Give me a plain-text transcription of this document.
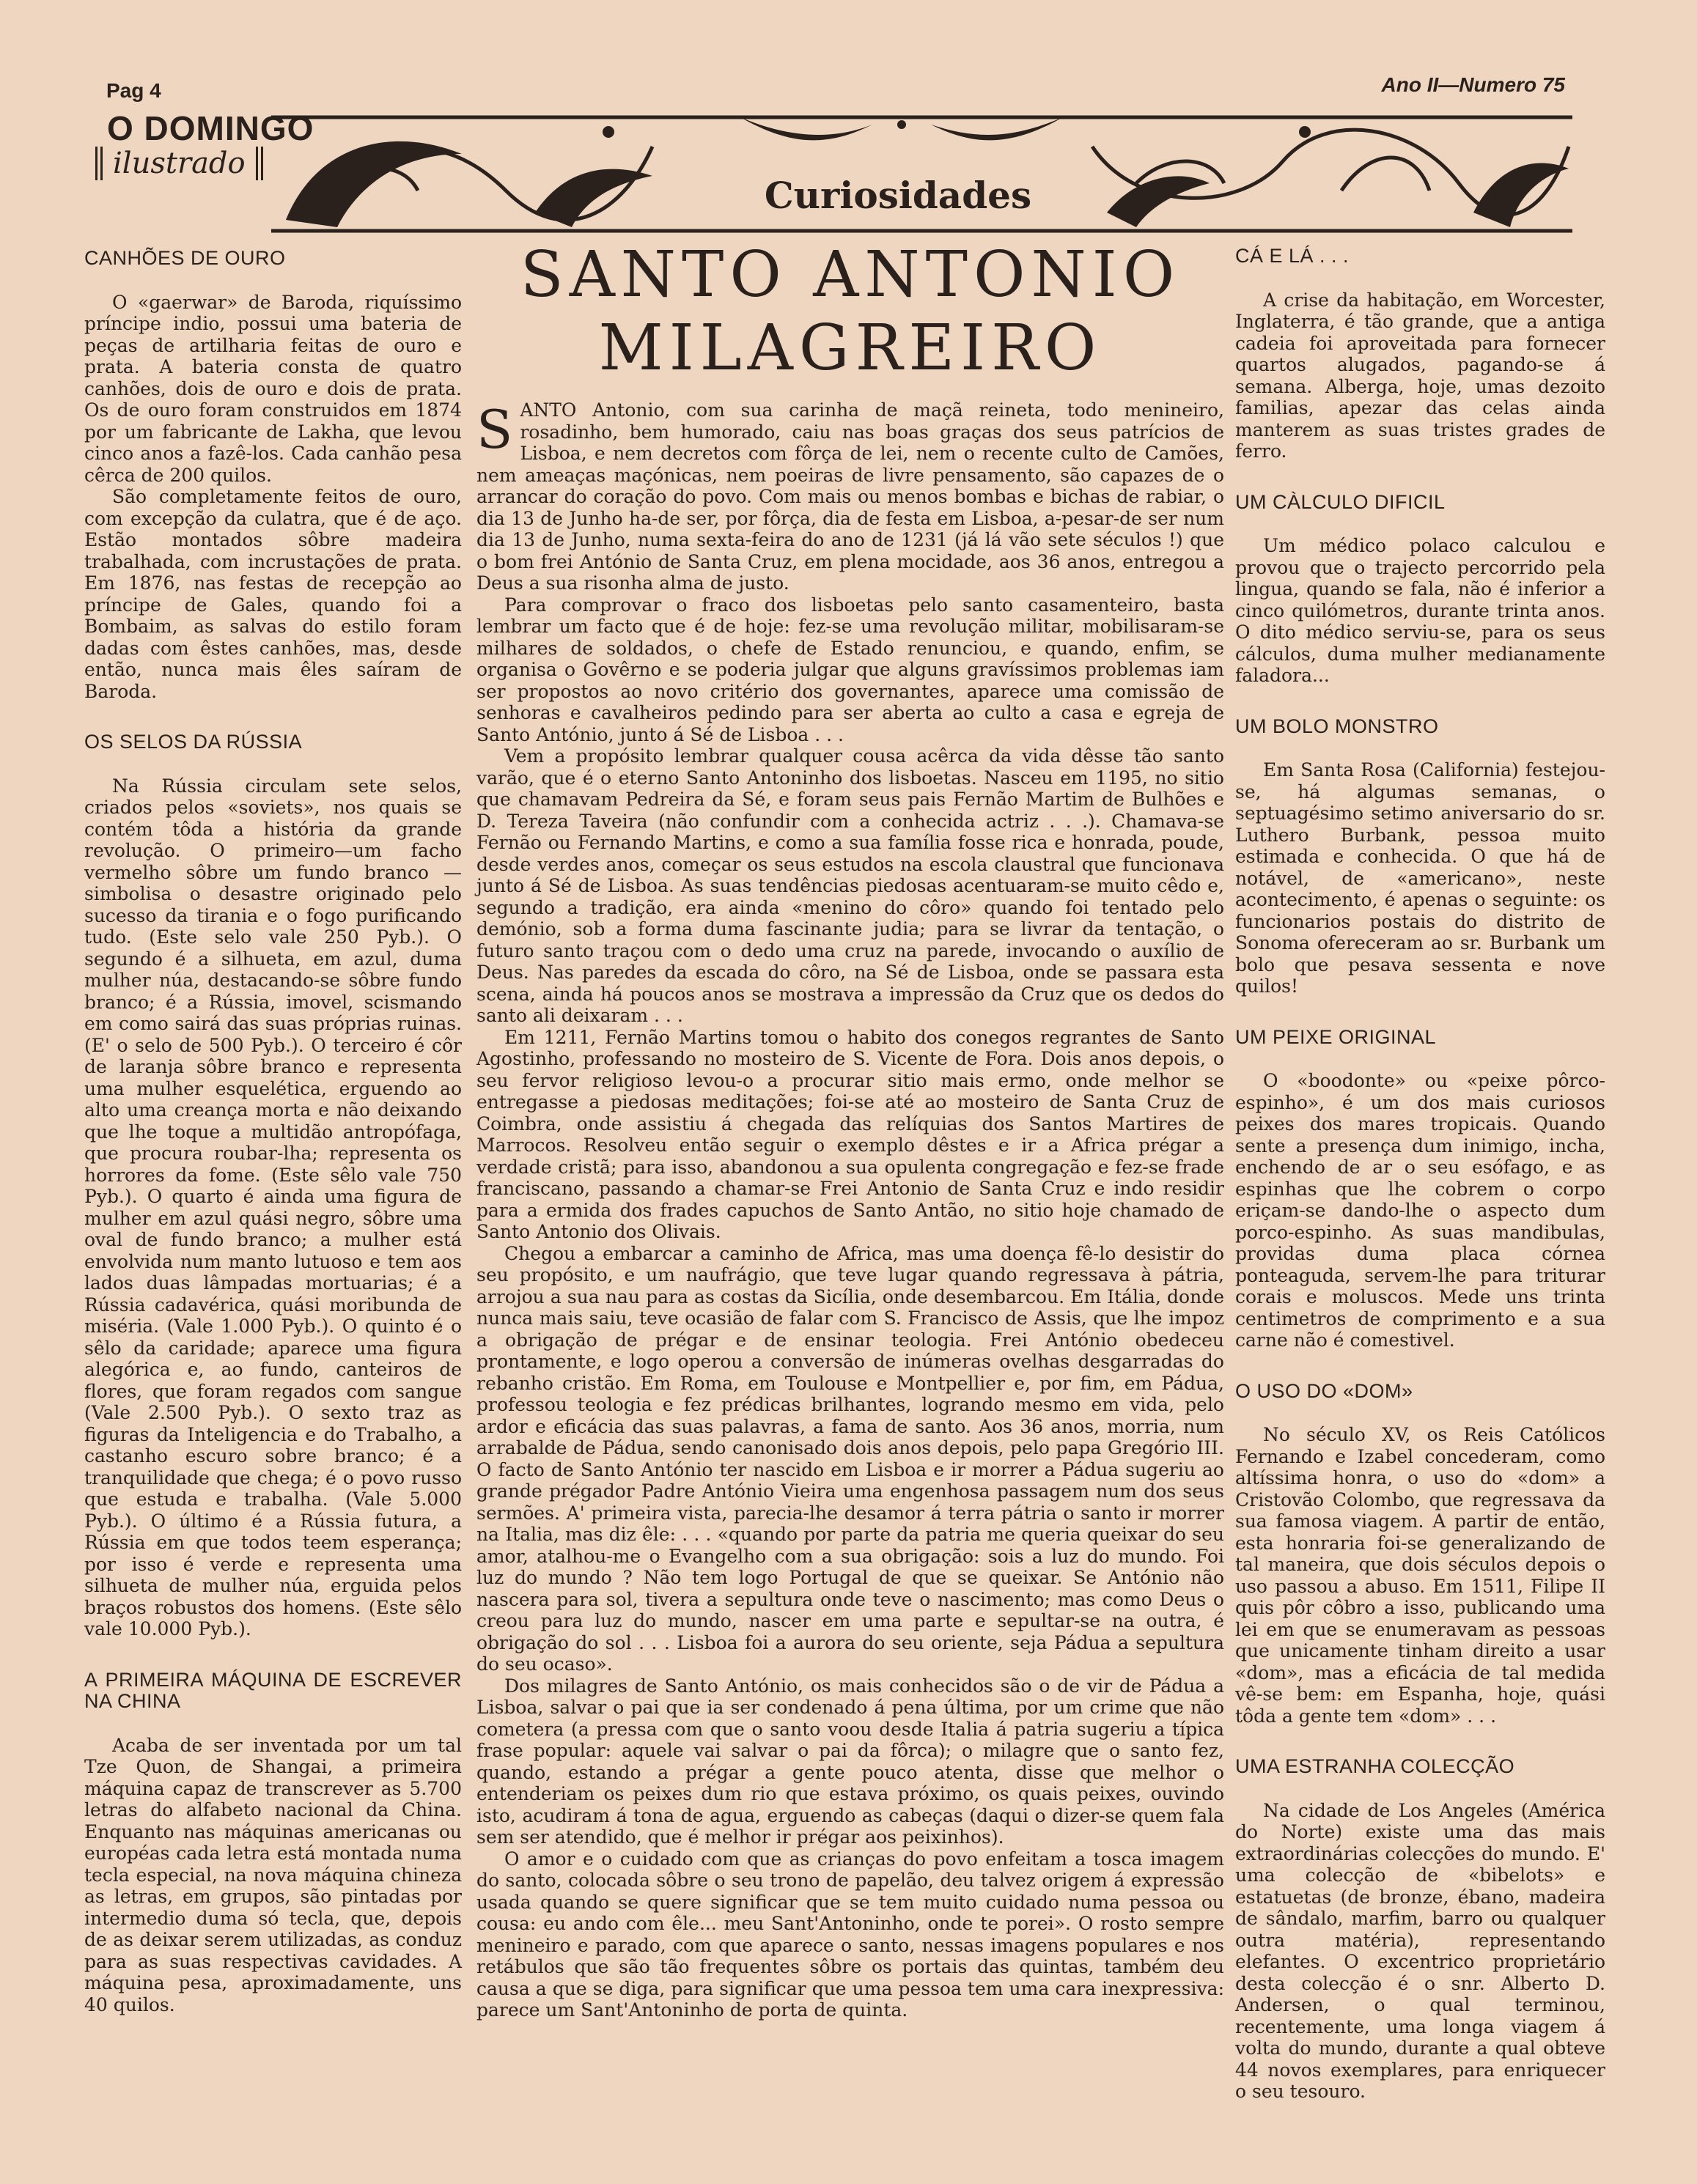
Pag 4	Ano II—Numero 75
O DOMINGO
ilustrado
Curiosidades
CANHÕES DE OURO

O «gaerwar» de Baroda, riquíssimo príncipe indio, possui uma bateria de peças de artilharia feitas de ouro e prata. A bateria consta de quatro canhões, dois de ouro e dois de prata. Os de ouro foram construidos em 1874 por um fabricante de Lakha, que levou cinco anos a fazê-los. Cada canhão pesa cêrca de 200 quilos.

São completamente feitos de ouro, com excepção da culatra, que é de aço. Estão montados sôbre madeira trabalhada, com incrustações de prata. Em 1876, nas festas de recepção ao príncipe de Gales, quando foi a Bombaim, as salvas do estilo foram dadas com êstes canhões, mas, desde então, nunca mais êles saíram de Baroda.

OS SELOS DA RÚSSIA

Na Rússia circulam sete selos, criados pelos «soviets», nos quais se contém tôda a história da grande revolução. O primeiro—um facho vermelho sôbre um fundo branco — simbolisa o desastre originado pelo sucesso da tirania e o fogo purificando tudo. (Este selo vale 250 Pyb.). O segundo é a silhueta, em azul, duma mulher núa, destacando-se sôbre fundo branco; é a Rússia, imovel, scismando em como sairá das suas próprias ruinas. (E' o selo de 500 Pyb.). O terceiro é côr de laranja sôbre branco e representa uma mulher esquelética, erguendo ao alto uma creança morta e não deixando que lhe toque a multidão antropófaga, que procura roubar-lha; representa os horrores da fome. (Este sêlo vale 750 Pyb.). O quarto é ainda uma figura de mulher em azul quási negro, sôbre uma oval de fundo branco; a mulher está envolvida num manto lutuoso e tem aos lados duas lâmpadas mortuarias; é a Rússia cadavérica, quási moribunda de miséria. (Vale 1.000 Pyb.). O quinto é o sêlo da caridade; aparece uma figura alegórica e, ao fundo, canteiros de flores, que foram regados com sangue (Vale 2.500 Pyb.). O sexto traz as figuras da Inteligencia e do Trabalho, a castanho escuro sobre branco; é a tranquilidade que chega; é o povo russo que estuda e trabalha. (Vale 5.000 Pyb.). O último é a Rússia futura, a Rússia em que todos teem esperança; por isso é verde e representa uma silhueta de mulher núa, erguida pelos braços robustos dos homens. (Este sêlo vale 10.000 Pyb.).

A PRIMEIRA MÁQUINA DE ESCREVER NA CHINA

Acaba de ser inventada por um tal Tze Quon, de Shangai, a primeira máquina capaz de transcrever as 5.700 letras do alfabeto nacional da China. Enquanto nas máquinas americanas ou européas cada letra está montada numa tecla especial, na nova máquina chineza as letras, em grupos, são pintadas por intermedio duma só tecla, que, depois de as deixar serem utilizadas, as conduz para as suas respectivas cavidades. A máquina pesa, aproximadamente, uns 40 quilos.

SANTO ANTONIO
MILAGREIRO

SANTO Antonio, com sua carinha de maçã reineta, todo menineiro, rosadinho, bem humorado, caiu nas boas graças dos seus patrícios de Lisboa, e nem decretos com fôrça de lei, nem o recente culto de Camões, nem ameaças maçónicas, nem poeiras de livre pensamento, são capazes de o arrancar do coração do povo. Com mais ou menos bombas e bichas de rabiar, o dia 13 de Junho ha-de ser, por fôrça, dia de festa em Lisboa, a-pesar-de ser num dia 13 de Junho, numa sexta-feira do ano de 1231 (já lá vão sete séculos !) que o bom frei António de Santa Cruz, em plena mocidade, aos 36 anos, entregou a Deus a sua risonha alma de justo.

Para comprovar o fraco dos lisboetas pelo santo casamenteiro, basta lembrar um facto que é de hoje: fez-se uma revolução militar, mobilisaram-se milhares de soldados, o chefe de Estado renunciou, e quando, enfim, se organisa o Govêrno e se poderia julgar que alguns gravíssimos problemas iam ser propostos ao novo critério dos governantes, aparece uma comissão de senhoras e cavalheiros pedindo para ser aberta ao culto a casa e egreja de Santo António, junto á Sé de Lisboa . . .

Vem a propósito lembrar qualquer cousa acêrca da vida dêsse tão santo varão, que é o eterno Santo Antoninho dos lisboetas. Nasceu em 1195, no sitio que chamavam Pedreira da Sé, e foram seus pais Fernão Martim de Bulhões e D. Tereza Taveira (não confundir com a conhecida actriz . . .). Chamava-se Fernão ou Fernando Martins, e como a sua família fosse rica e honrada, poude, desde verdes anos, começar os seus estudos na escola claustral que funcionava junto á Sé de Lisboa. As suas tendências piedosas acentuaram-se muito cêdo e, segundo a tradição, era ainda «menino do côro» quando foi tentado pelo demónio, sob a forma duma fascinante judia; para se livrar da tentação, o futuro santo traçou com o dedo uma cruz na parede, invocando o auxílio de Deus. Nas paredes da escada do côro, na Sé de Lisboa, onde se passara esta scena, ainda há poucos anos se mostrava a impressão da Cruz que os dedos do santo ali deixaram . . .

Em 1211, Fernão Martins tomou o habito dos conegos regrantes de Santo Agostinho, professando no mosteiro de S. Vicente de Fora. Dois anos depois, o seu fervor religioso levou-o a procurar sitio mais ermo, onde melhor se entregasse a piedosas meditações; foi-se até ao mosteiro de Santa Cruz de Coimbra, onde assistiu á chegada das relíquias dos Santos Martires de Marrocos. Resolveu então seguir o exemplo dêstes e ir a Africa prégar a verdade cristã; para isso, abandonou a sua opulenta congregação e fez-se frade franciscano, passando a chamar-se Frei Antonio de Santa Cruz e indo residir para a ermida dos frades capuchos de Santo Antão, no sitio hoje chamado de Santo Antonio dos Olivais.

Chegou a embarcar a caminho de Africa, mas uma doença fê-lo desistir do seu propósito, e um naufrágio, que teve lugar quando regressava à pátria, arrojou a sua nau para as costas da Sicília, onde desembarcou. Em Itália, donde nunca mais saiu, teve ocasião de falar com S. Francisco de Assis, que lhe impoz a obrigação de prégar e de ensinar teologia. Frei António obedeceu prontamente, e logo operou a conversão de inúmeras ovelhas desgarradas do rebanho cristão. Em Roma, em Toulouse e Montpellier e, por fim, em Pádua, professou teologia e fez prédicas brilhantes, logrando mesmo em vida, pelo ardor e eficácia das suas palavras, a fama de santo. Aos 36 anos, morria, num arrabalde de Pádua, sendo canonisado dois anos depois, pelo papa Gregório III. O facto de Santo António ter nascido em Lisboa e ir morrer a Pádua sugeriu ao grande prégador Padre António Vieira uma engenhosa passagem num dos seus sermões. A' primeira vista, parecia-lhe desamor á terra pátria o santo ir morrer na Italia, mas diz êle: . . . «quando por parte da patria me queria queixar do seu amor, atalhou-me o Evangelho com a sua obrigação: sois a luz do mundo. Foi luz do mundo ? Não tem logo Portugal de que se queixar. Se António não nascera para sol, tivera a sepultura onde teve o nascimento; mas como Deus o creou para luz do mundo, nascer em uma parte e sepultar-se na outra, é obrigação do sol . . . Lisboa foi a aurora do seu oriente, seja Pádua a sepultura do seu ocaso».

Dos milagres de Santo António, os mais conhecidos são o de vir de Pádua a Lisboa, salvar o pai que ia ser condenado á pena última, por um crime que não cometera (a pressa com que o santo voou desde Italia á patria sugeriu a típica frase popular: aquele vai salvar o pai da fôrca); o milagre que o santo fez, quando, estando a prégar a gente pouco atenta, disse que melhor o entenderiam os peixes dum rio que estava próximo, os quais peixes, ouvindo isto, acudiram á tona de agua, erguendo as cabeças (daqui o dizer-se quem fala sem ser atendido, que é melhor ir prégar aos peixinhos).

O amor e o cuidado com que as crianças do povo enfeitam a tosca imagem do santo, colocada sôbre o seu trono de papelão, deu talvez origem á expressão usada quando se quere significar que se tem muito cuidado numa pessoa ou cousa: eu ando com êle... meu Sant'Antoninho, onde te porei». O rosto sempre menineiro e parado, com que aparece o santo, nessas imagens populares e nos retábulos que são tão frequentes sôbre os portais das quintas, também deu causa a que se diga, para significar que uma pessoa tem uma cara inexpressiva: parece um Sant'Antoninho de porta de quinta.

CÁ E LÁ . . .

A crise da habitação, em Worcester, Inglaterra, é tão grande, que a antiga cadeia foi aproveitada para fornecer quartos alugados, pagando-se á semana. Alberga, hoje, umas dezoito familias, apezar das celas ainda manterem as suas tristes grades de ferro.

UM CÀLCULO DIFICIL

Um médico polaco calculou e provou que o trajecto percorrido pela lingua, quando se fala, não é inferior a cinco quilómetros, durante trinta anos. O dito médico serviu-se, para os seus cálculos, duma mulher medianamente faladora...

UM BOLO MONSTRO

Em Santa Rosa (California) festejou-se, há algumas semanas, o septuagésimo setimo aniversario do sr. Luthero Burbank, pessoa muito estimada e conhecida. O que há de notável, de «americano», neste acontecimento, é apenas o seguinte: os funcionarios postais do distrito de Sonoma ofereceram ao sr. Burbank um bolo que pesava sessenta e nove quilos!

UM PEIXE ORIGINAL

O «boodonte» ou «peixe pôrco-espinho», é um dos mais curiosos peixes dos mares tropicais. Quando sente a presença dum inimigo, incha, enchendo de ar o seu esófago, e as espinhas que lhe cobrem o corpo eriçam-se dando-lhe o aspecto dum porco-espinho. As suas mandibulas, providas duma placa córnea ponteaguda, servem-lhe para triturar corais e moluscos. Mede uns trinta centimetros de comprimento e a sua carne não é comestivel.

O USO DO «DOM»

No século XV, os Reis Católicos Fernando e Izabel concederam, como altíssima honra, o uso do «dom» a Cristovão Colombo, que regressava da sua famosa viagem. A partir de então, esta honraria foi-se generalizando de tal maneira, que dois séculos depois o uso passou a abuso. Em 1511, Filipe II quis pôr côbro a isso, publicando uma lei em que se enumeravam as pessoas que unicamente tinham direito a usar «dom», mas a eficácia de tal medida vê-se bem: em Espanha, hoje, quási tôda a gente tem «dom» . . .

UMA ESTRANHA COLECÇÃO

Na cidade de Los Angeles (América do Norte) existe uma das mais extraordinárias colecções do mundo. E' uma colecção de «bibelots» e estatuetas (de bronze, ébano, madeira de sândalo, marfim, barro ou qualquer outra matéria), representando elefantes. O excentrico proprietário desta colecção é o snr. Alberto D. Andersen, o qual terminou, recentemente, uma longa viagem á volta do mundo, durante a qual obteve 44 novos exemplares, para enriquecer o seu tesouro.
